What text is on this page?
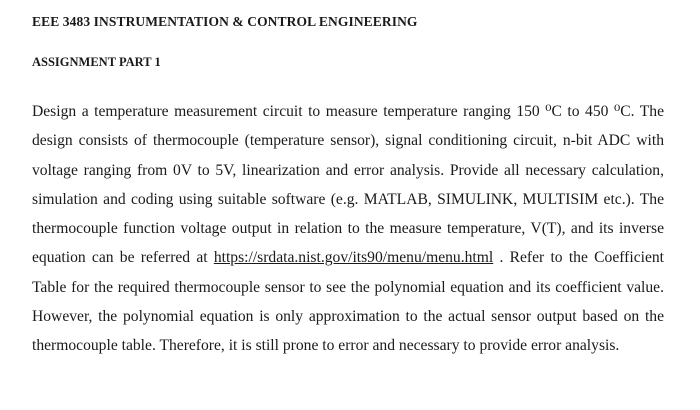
EEE 3483 INSTRUMENTATION & CONTROL ENGINEERING
ASSIGNMENT PART 1

Design a temperature measurement circuit to measure temperature ranging 150 ⁰C to 450 ⁰C. The design consists of thermocouple (temperature sensor), signal conditioning circuit, n-bit ADC with voltage ranging from 0V to 5V, linearization and error analysis. Provide all necessary calculation, simulation and coding using suitable software (e.g. MATLAB, SIMULINK, MULTISIM etc.). The thermocouple function voltage output in relation to the measure temperature, V(T), and its inverse equation can be referred at https://srdata.nist.gov/its90/menu/menu.html . Refer to the Coefficient Table for the required thermocouple sensor to see the polynomial equation and its coefficient value. However, the polynomial equation is only approximation to the actual sensor output based on the thermocouple table. Therefore, it is still prone to error and necessary to provide error analysis.
